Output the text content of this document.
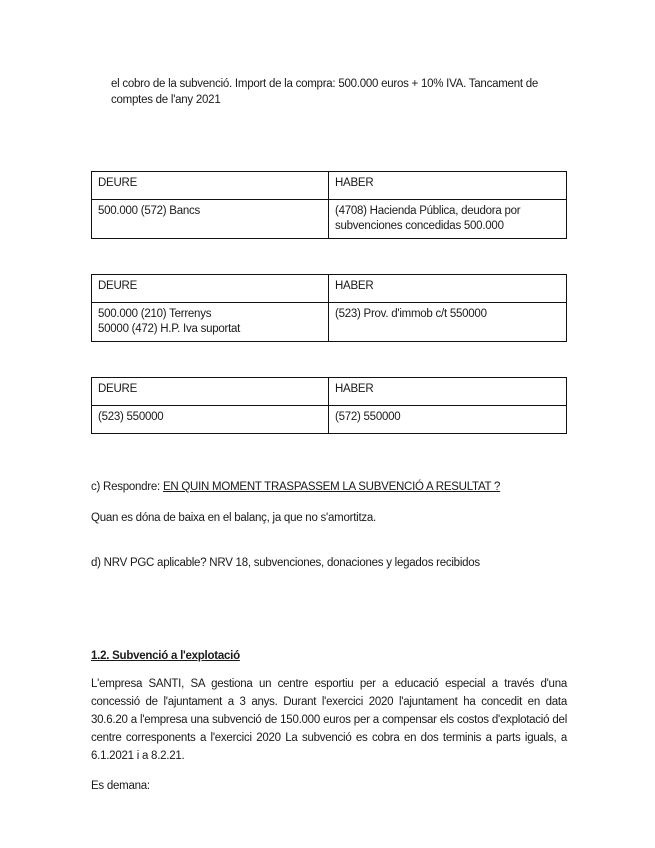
el cobro de la subvenció. Import de la compra: 500.000 euros + 10% IVA. Tancament de
comptes de l'any 2021
DEURE	HABER

500.000 (572) Bancs	(4708) Hacienda Pública, deudora por
subvenciones concedidas 500.000
DEURE	HABER

500.000 (210) Terrenys
50000 (472) H.P. Iva suportat	(523) Prov. d'immob c/t 550000
DEURE	HABER

(523) 550000	(572) 550000
c) Respondre: EN QUIN MOMENT TRASPASSEM LA SUBVENCIÓ A RESULTAT ?
Quan es dóna de baixa en el balanç, ja que no s'amortitza.
d) NRV PGC aplicable? NRV 18, subvenciones, donaciones y legados recibidos
1.2. Subvenció a l'explotació
L'empresa SANTI, SA gestiona un centre esportiu per a educació especial a través d'una concessió de l'ajuntament a 3 anys. Durant l'exercici 2020 l'ajuntament ha concedit en data 30.6.20 a l'empresa una subvenció de 150.000 euros per a compensar els costos d'explotació del centre corresponents a l'exercici 2020 La subvenció es cobra en dos terminis a parts iguals, a 6.1.2021 i a 8.2.21.
Es demana:
